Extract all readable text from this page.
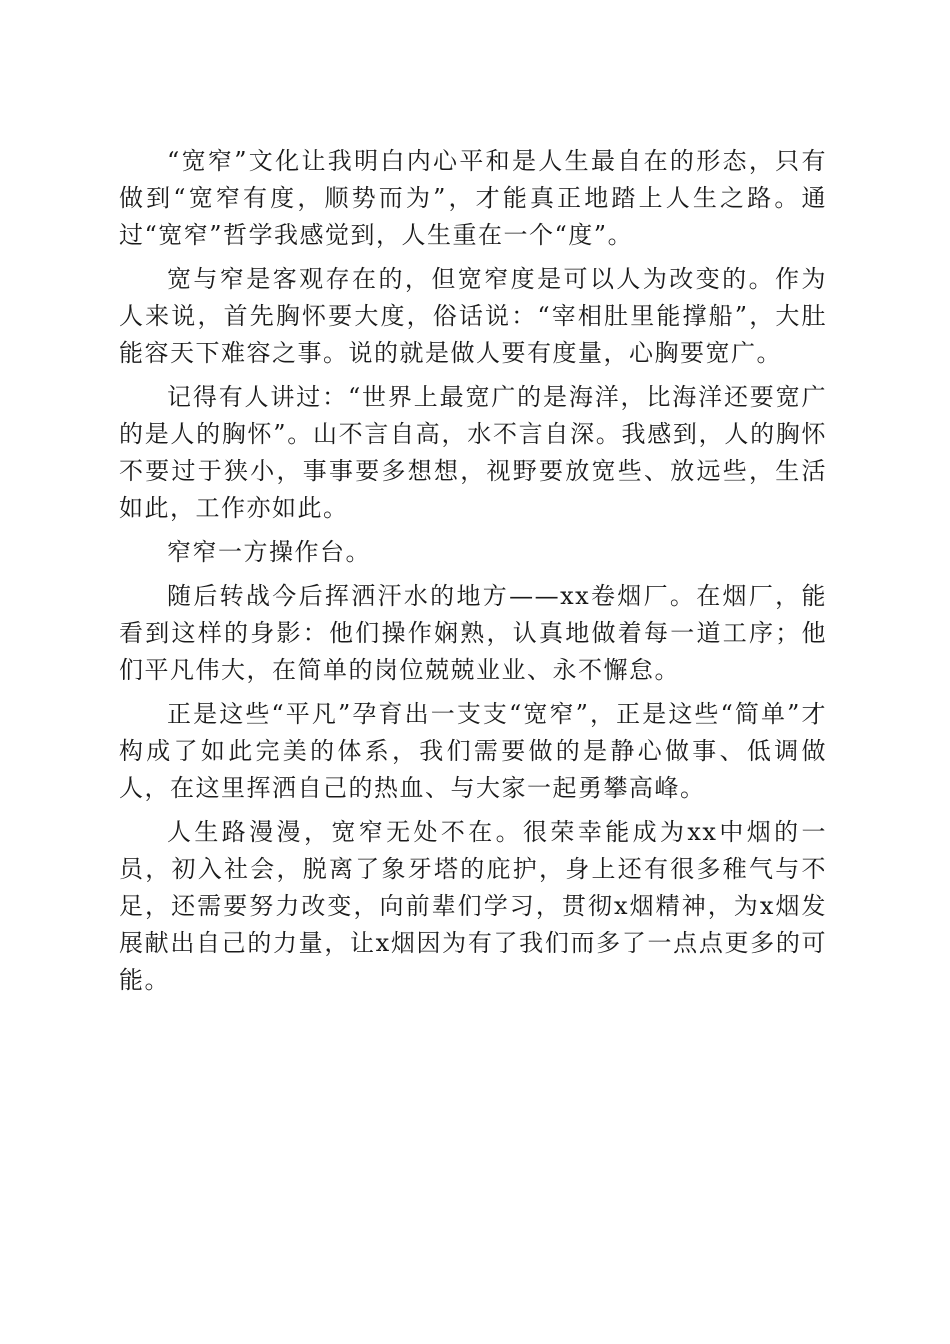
“宽窄”文化让我明白内心平和是人生最自在的形态，只有做到“宽窄有度，顺势而为”，才能真正地踏上人生之路。通过“宽窄”哲学我感觉到，人生重在一个“度”。

宽与窄是客观存在的，但宽窄度是可以人为改变的。作为人来说，首先胸怀要大度，俗话说：“宰相肚里能撑船”，大肚能容天下难容之事。说的就是做人要有度量，心胸要宽广。

记得有人讲过：“世界上最宽广的是海洋，比海洋还要宽广的是人的胸怀”。山不言自高，水不言自深。我感到，人的胸怀不要过于狭小，事事要多想想，视野要放宽些、放远些，生活如此，工作亦如此。

窄窄一方操作台。

随后转战今后挥洒汗水的地方——xx卷烟厂。在烟厂，能看到这样的身影：他们操作娴熟，认真地做着每一道工序；他们平凡伟大，在简单的岗位兢兢业业、永不懈怠。

正是这些“平凡”孕育出一支支“宽窄”，正是这些“简单”才构成了如此完美的体系，我们需要做的是静心做事、低调做人，在这里挥洒自己的热血、与大家一起勇攀高峰。

人生路漫漫，宽窄无处不在。很荣幸能成为xx中烟的一员，初入社会，脱离了象牙塔的庇护，身上还有很多稚气与不足，还需要努力改变，向前辈们学习，贯彻x烟精神，为x烟发展献出自己的力量，让x烟因为有了我们而多了一点点更多的可能。
